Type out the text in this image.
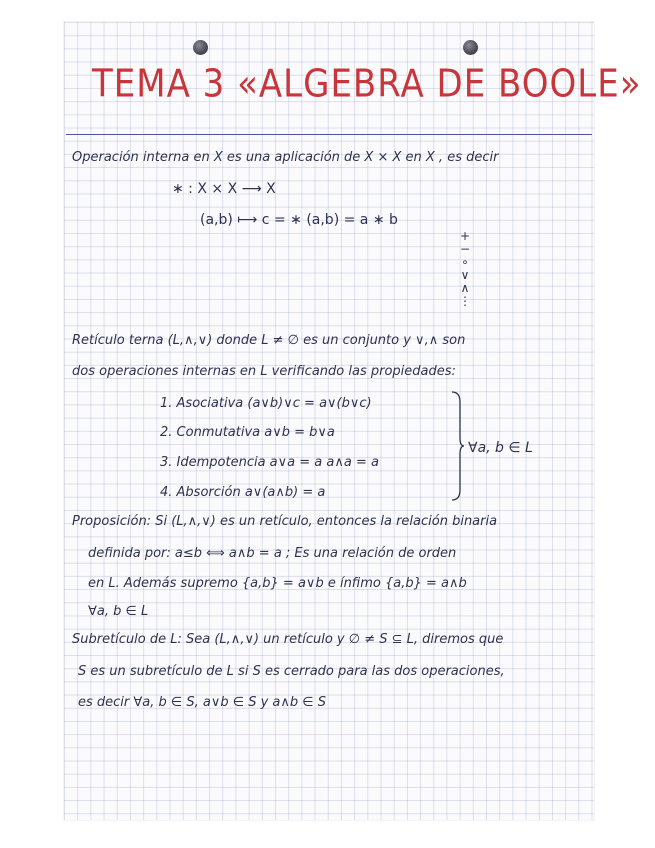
TEMA 3 «ALGEBRA DE BOOLE»
Operación interna en X es una aplicación de X × X en X , es decir
∗ : X × X ⟶ X
(a,b) ⟼ c = ∗ (a,b) = a ∗ b
+
−
∘
∨
∧
⋮
Retículo terna (L,∧,∨) donde L ≠ ∅ es un conjunto y ∨,∧ son
dos operaciones internas en L verificando las propiedades:
1. Asociativa (a∨b)∨c = a∨(b∨c)
2. Conmutativa a∨b = b∨a
3. Idempotencia a∨a = a a∧a = a
4. Absorción a∨(a∧b) = a
∀a, b ∈ L
Proposición: Si (L,∧,∨) es un retículo, entonces la relación binaria
definida por: a≤b ⟺ a∧b = a ; Es una relación de orden
en L. Además supremo {a,b} = a∨b e ínfimo {a,b} = a∧b
∀a, b ∈ L
Subretículo de L: Sea (L,∧,∨) un retículo y ∅ ≠ S ⊆ L, diremos que
S es un subretículo de L si S es cerrado para las dos operaciones,
es decir ∀a, b ∈ S, a∨b ∈ S y a∧b ∈ S
